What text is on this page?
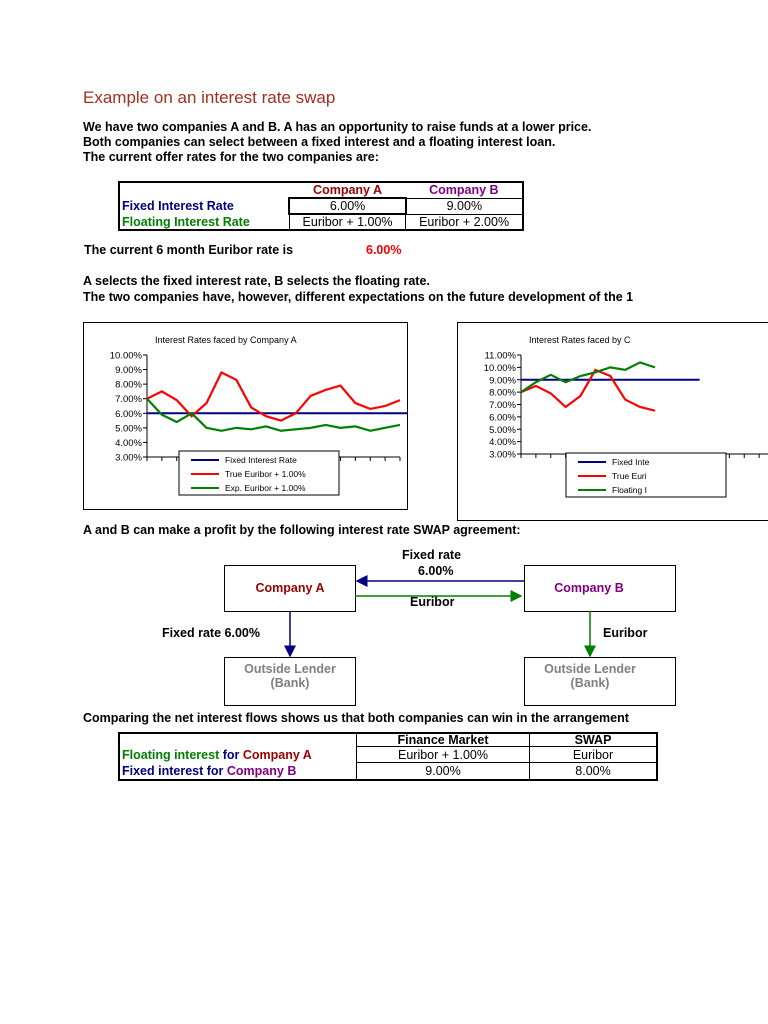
Example on an interest rate swap
We have two companies A and B. A has an opportunity to raise funds at a lower price.
Both companies can select between a fixed interest and a floating interest loan.
The current offer rates for the two companies are:
	Company A	Company B
Fixed Interest Rate	6.00%	9.00%
Floating Interest Rate	Euribor + 1.00%	Euribor + 2.00%
The current 6 month Euribor rate is	6.00%
A selects the fixed interest rate, B selects the floating rate.
The two companies have, however, different expectations on the future development of the 1
Interest Rates faced by Company A
10.00%
9.00%
8.00%
7.00%
6.00%
5.00%
4.00%
3.00%	Fixed Interest Rate
True Euribor + 1.00%
Exp. Euribor + 1.00%
Interest Rates faced by C
11.00%
10.00%
9.00%
8.00%
7.00%
6.00%
5.00%
4.00%
3.00%
Fixed Inte
True Euri
Floating I
A and B can make a profit by the following interest rate SWAP agreement:
Fixed rate
6.00%
Company A	Company B
Euribor
Fixed rate 6.00%	Euribor
Outside Lender
(Bank)
Outside Lender
(Bank)
Comparing the net interest flows shows us that both companies can win in the arrangement
	Finance Market	SWAP
Floating interest for Company A	Euribor + 1.00%	Euribor
Fixed interest for Company B	9.00%	8.00%
